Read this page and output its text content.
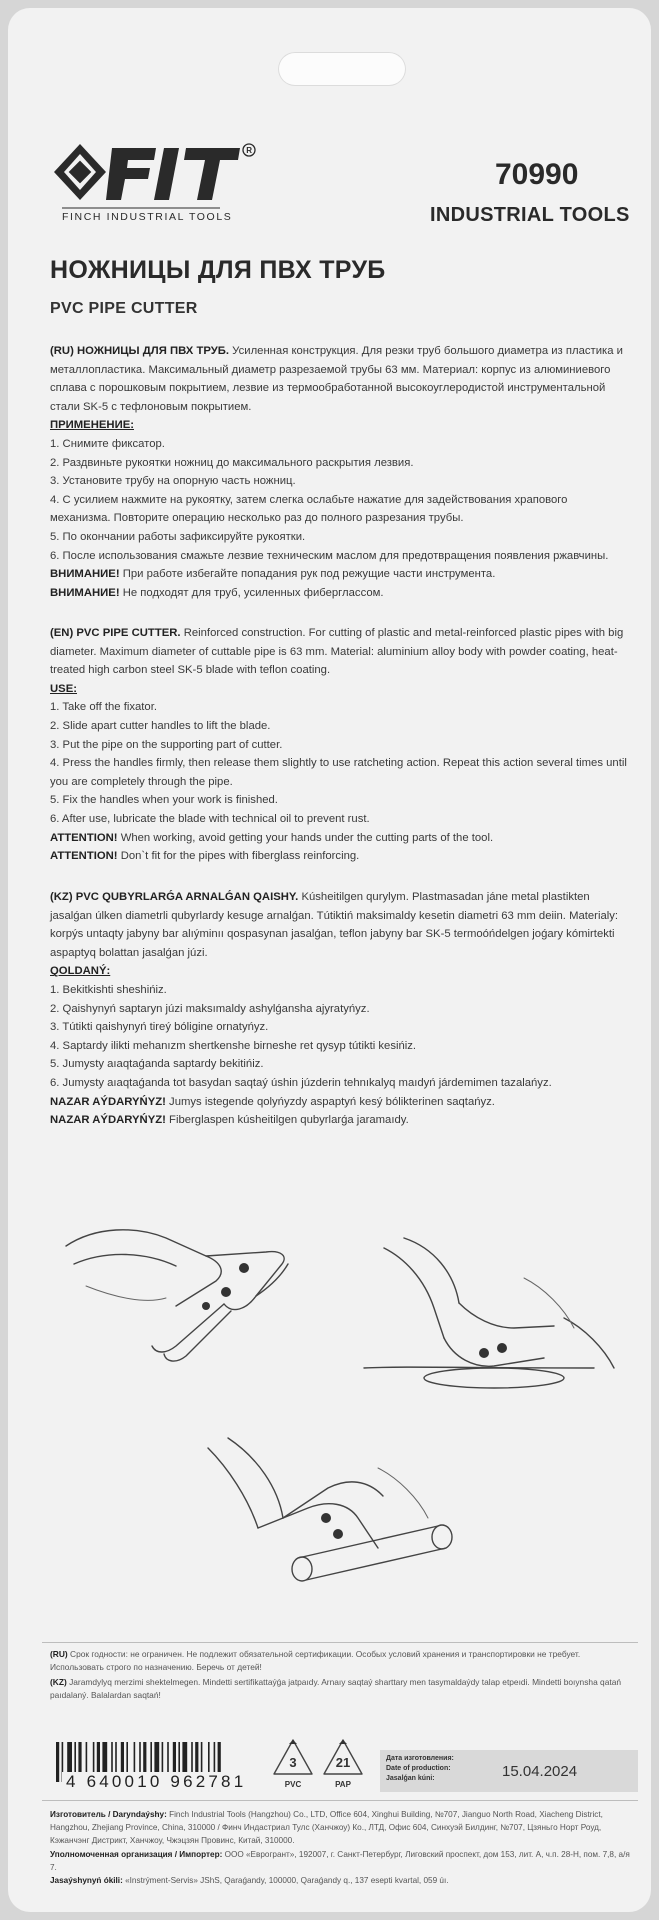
R
FINCH INDUSTRIAL TOOLS
70990
INDUSTRIAL TOOLS
НОЖНИЦЫ ДЛЯ ПВХ ТРУБ
PVC PIPE CUTTER

(RU) НОЖНИЦЫ ДЛЯ ПВХ ТРУБ. Усиленная конструкция. Для резки труб большого диаметра из пластика и металлопластика. Максимальный диаметр разрезаемой трубы 63 мм. Материал: корпус из алюминиевого сплава с порошковым покрытием, лезвие из термообработанной высокоуглеродистой инструментальной стали SK-5 с тефлоновым покрытием.

ПРИМЕНЕНИЕ:

1. Снимите фиксатор.

2. Раздвиньте рукоятки ножниц до максимального раскрытия лезвия.

3. Установите трубу на опорную часть ножниц.

4. С усилием нажмите на рукоятку, затем слегка ослабьте нажатие для задействования храпового механизма. Повторите операцию несколько раз до полного разрезания трубы.

5. По окончании работы зафиксируйте рукоятки.

6. После использования смажьте лезвие техническим маслом для предотвращения появления ржавчины.

ВНИМАНИЕ! При работе избегайте попадания рук под режущие части инструмента.

ВНИМАНИЕ! Не подходят для труб, усиленных фиберглассом.

(EN) PVC PIPE CUTTER. Reinforced construction. For cutting of plastic and metal-reinforced plastic pipes with big diameter. Maximum diameter of cuttable pipe is 63 mm. Material: aluminium alloy body with powder coating, heat-treated high carbon steel SK-5 blade with teflon coating.

USE:

1. Take off the fixator.

2. Slide apart cutter handles to lift the blade.

3. Put the pipe on the supporting part of cutter.

4. Press the handles firmly, then release them slightly to use ratcheting action. Repeat this action several times until you are completely through the pipe.

5. Fix the handles when your work is finished.

6. After use, lubricate the blade with technical oil to prevent rust.

ATTENTION! When working, avoid getting your hands under the cutting parts of the tool.

ATTENTION! Don`t fit for the pipes with fiberglass reinforcing.

(KZ) PVC QUBYRLARǴA ARNALǴAN QAISHY. Kúsheitilgen qurylym. Plastmasadan jáne metal plastikten jasalǵan úlken diametrli qubyrlardy kesuge arnalǵan. Tútiktiń maksimaldy kesetin diametri 63 mm deiin. Materialy: korpýs untaqty jabyny bar alıýminıı qospasynan jasalǵan, teflon jabyny bar SK-5 termoóńdelgen joǵary kómirtekti aspaptyq bolattan jasalǵan júzi.

QOLDANÝ:

1. Bekitkishti sheshińiz.

2. Qaishynyń saptaryn júzi maksımaldy ashylǵansha ajyratyńyz.

3. Tútikti qaishynyń tireý bóligine ornatyńyz.

4. Saptardy ilikti mehanızm shertkenshe birneshe ret qysyp tútikti kesińiz.

5. Jumysty aıaqtaǵanda saptardy bekitińiz.

6. Jumysty aıaqtaǵanda tot basydan saqtaý úshin júzderin tehnıkalyq maıdyń járdemimen tazalańyz.

NAZAR AÝDARYŃYZ! Jumys istegende qolyńyzdy aspaptyń kesý bólikterinen saqtańyz.

NAZAR AÝDARYŃYZ! Fiberglaspen kúsheitilgen qubyrlarǵa jaramaıdy.

(RU) Срок годности: не ограничен. Не подлежит обязательной сертификации. Особых условий хранения и транспортировки не требует. Использовать строго по назначению. Беречь от детей!

(KZ) Jaramdylyq merzimi shektelmegen. Mindetti sertifikattaýǵa jatpaıdy. Arnaıy saqtaý sharttary men tasymaldaýdy talap etpeıdi. Mindetti boıynsha qatań paıdalaný. Balalardan saqtań!

4 640010 962781
3
PVC
21
PAP
Дата изготовления:
Date of production:
Jasalǵan kúni:	15.04.2024

Изготовитель / Daryndaýshy: Finch Industrial Tools (Hangzhou) Co., LTD, Office 604, Xinghui Building, №707, Jianguo North Road, Xiacheng District, Hangzhou, Zhejiang Province, China, 310000 / Финч Индастриал Тулс (Ханчжоу) Ко., ЛТД, Офис 604, Синхуэй Билдинг, №707, Цзяньго Норт Роуд, Кэжанчэнг Дистрикт, Ханчжоу, Чжэцзян Провинс, Китай, 310000.

Уполномоченная организация / Импортер: ООО «Еврогрант», 192007, г. Санкт-Петербург, Лиговский проспект, дом 153, лит. А, ч.п. 28-Н, пом. 7,8, а/я 7.

Jasaýshynyń ókili: «Instrýment-Servis» JShS, Qaraǵandy, 100000, Qaraǵandy q., 137 esepti kvartal, 059 úı.
